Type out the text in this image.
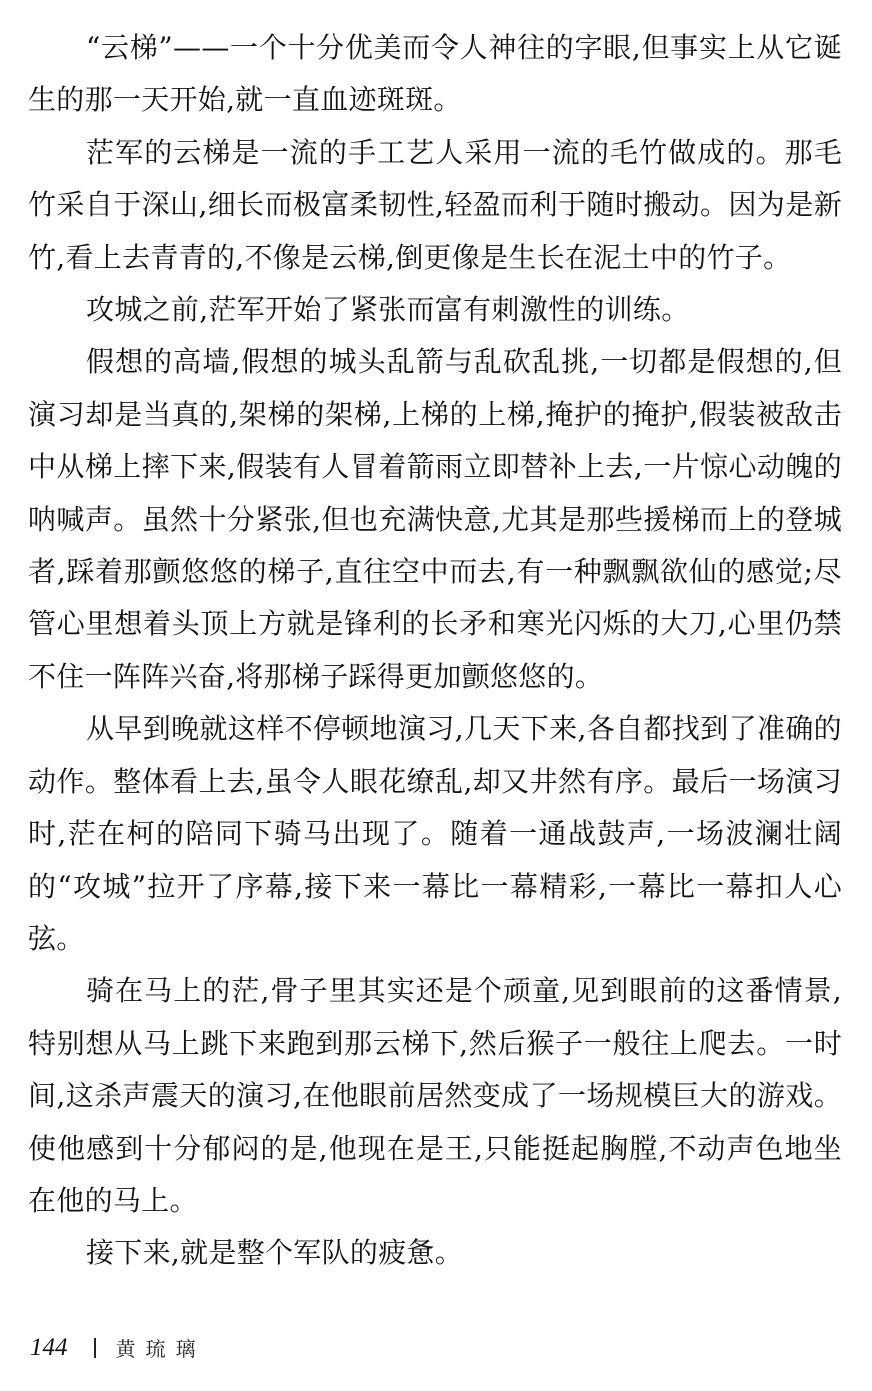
“云梯”——一个十分优美而令人神往的字眼,但事实上从它诞生的那一天开始,就一直血迹斑斑。

茫军的云梯是一流的手工艺人采用一流的毛竹做成的。那毛竹采自于深山,细长而极富柔韧性,轻盈而利于随时搬动。因为是新竹,看上去青青的,不像是云梯,倒更像是生长在泥土中的竹子。

攻城之前,茫军开始了紧张而富有刺激性的训练。

假想的高墙,假想的城头乱箭与乱砍乱挑,一切都是假想的,但演习却是当真的,架梯的架梯,上梯的上梯,掩护的掩护,假装被敌击中从梯上摔下来,假装有人冒着箭雨立即替补上去,一片惊心动魄的呐喊声。虽然十分紧张,但也充满快意,尤其是那些援梯而上的登城者,踩着那颤悠悠的梯子,直往空中而去,有一种飘飘欲仙的感觉;尽管心里想着头顶上方就是锋利的长矛和寒光闪烁的大刀,心里仍禁不住一阵阵兴奋,将那梯子踩得更加颤悠悠的。

从早到晚就这样不停顿地演习,几天下来,各自都找到了准确的动作。整体看上去,虽令人眼花缭乱,却又井然有序。最后一场演习时,茫在柯的陪同下骑马出现了。随着一通战鼓声,一场波澜壮阔的“攻城”拉开了序幕,接下来一幕比一幕精彩,一幕比一幕扣人心弦。

骑在马上的茫,骨子里其实还是个顽童,见到眼前的这番情景,特别想从马上跳下来跑到那云梯下,然后猴子一般往上爬去。一时间,这杀声震天的演习,在他眼前居然变成了一场规模巨大的游戏。使他感到十分郁闷的是,他现在是王,只能挺起胸膛,不动声色地坐在他的马上。

接下来,就是整个军队的疲惫。

144 黄琉璃
